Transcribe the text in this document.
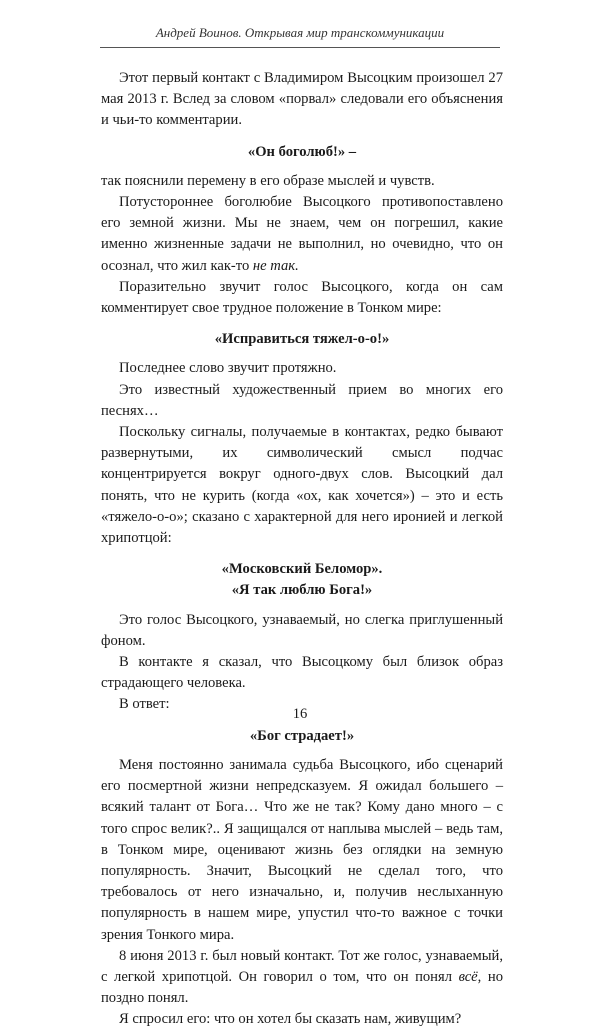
Андрей Воинов. Открывая мир транскоммуникации

Этот первый контакт с Владимиром Высоцким произошел 27 мая 2013 г. Вслед за словом «порвал» следовали его объяснения и чьи-то комментарии.

«Он боголюб!» –

так пояснили перемену в его образе мыслей и чувств.

Потустороннее боголюбие Высоцкого противопоставлено его земной жизни. Мы не знаем, чем он погрешил, какие именно жизненные задачи не выполнил, но очевидно, что он осознал, что жил как-то не так.

Поразительно звучит голос Высоцкого, когда он сам комментирует свое трудное положение в Тонком мире:

«Исправиться тяжел-о-о!»

Последнее слово звучит протяжно.

Это известный художественный прием во многих его песнях…

Поскольку сигналы, получаемые в контактах, редко бывают развернутыми, их символический смысл подчас концентрируется вокруг одного-двух слов. Высоцкий дал понять, что не курить (когда «ох, как хочется») – это и есть «тяжело-о-о»; сказано с характерной для него иронией и легкой хрипотцой:

«Московский Беломор».
«Я так люблю Бога!»

Это голос Высоцкого, узнаваемый, но слегка приглушенный фоном.

В контакте я сказал, что Высоцкому был близок образ страдающего человека.

В ответ:

«Бог страдает!»

Меня постоянно занимала судьба Высоцкого, ибо сценарий его посмертной жизни непредсказуем. Я ожидал большего – всякий талант от Бога… Что же не так? Кому дано много – с того спрос велик?.. Я защищался от наплыва мыслей – ведь там, в Тонком мире, оценивают жизнь без оглядки на земную популярность. Значит, Высоцкий не сделал того, что требовалось от него изначально, и, получив неслыханную популярность в нашем мире, упустил что-то важное с точки зрения Тонкого мира.

8 июня 2013 г. был новый контакт. Тот же голос, узнаваемый, с легкой хрипотцой. Он говорил о том, что он понял всё, но поздно понял.

Я спросил его: что он хотел бы сказать нам, живущим?

16
